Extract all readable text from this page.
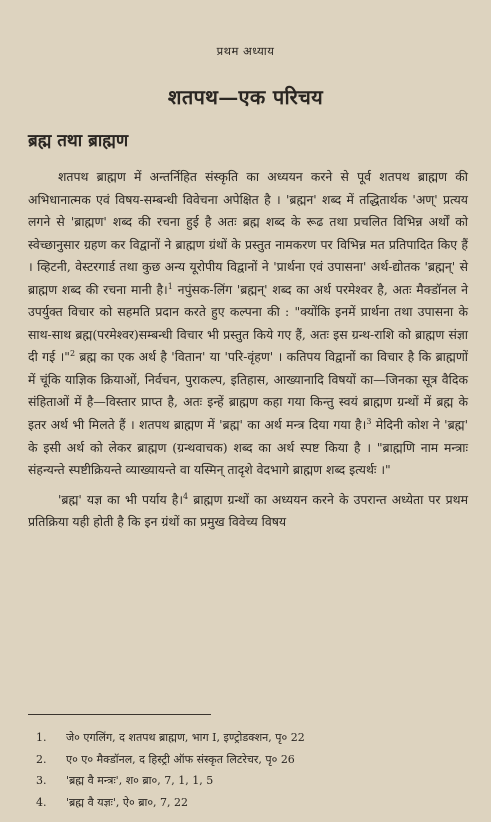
प्रथम अध्याय
शतपथ—एक परिचय
ब्रह्म तथा ब्राह्मण

शतपथ ब्राह्मण में अन्तर्निहित संस्कृति का अध्ययन करने से पूर्व शतपथ ब्राह्मण की अभिधानात्मक एवं विषय-सम्बन्धी विवेचना अपेक्षित है । 'ब्रह्मन' शब्द में तद्धितार्थक 'अण्' प्रत्यय लगने से 'ब्राह्मण' शब्द की रचना हुई है अतः ब्रह्म शब्द के रूढ तथा प्रचलित विभिन्न अर्थों को स्वेच्छानुसार ग्रहण कर विद्वानों ने ब्राह्मण ग्रंथों के प्रस्तुत नामकरण पर विभिन्न मत प्रतिपादित किए हैं । व्हिटनी, वेस्टरगार्ड तथा कुछ अन्य यूरोपीय विद्वानों ने 'प्रार्थना एवं उपासना' अर्थ-द्योतक 'ब्रह्मन्' से ब्राह्मण शब्द की रचना मानी है।$^1$ नपुंसक-लिंग 'ब्रह्मन्' शब्द का अर्थ परमेश्वर है, अतः मैक्डॉनल ने उपर्युक्त विचार को सहमति प्रदान करते हुए कल्पना की : "क्योंकि इनमें प्रार्थना तथा उपासना के साथ-साथ ब्रह्म(परमेश्वर)सम्बन्धी विचार भी प्रस्तुत किये गए हैं, अतः इस ग्रन्थ-राशि को ब्राह्मण संज्ञा दी गई ।"$^2$ ब्रह्म का एक अर्थ है 'वितान' या 'परि-वृंहण' । कतिपय विद्वानों का विचार है कि ब्राह्मणों में चूंकि याज्ञिक क्रियाओं, निर्वचन, पुराकल्प, इतिहास, आख्यानादि विषयों का—जिनका सूत्र वैदिक संहिताओं में है—विस्तार प्राप्त है, अतः इन्हें ब्राह्मण कहा गया किन्तु स्वयं ब्राह्मण ग्रन्थों में ब्रह्म के इतर अर्थ भी मिलते हैं । शतपथ ब्राह्मण में 'ब्रह्म' का अर्थ मन्त्र दिया गया है।$^3$ मेदिनी कोश ने 'ब्रह्म' के इसी अर्थ को लेकर ब्राह्मण (ग्रन्थवाचक) शब्द का अर्थ स्पष्ट किया है । "ब्राह्मणि नाम मन्त्राः संहन्यन्ते स्पष्टीक्रियन्ते व्याख्यायन्ते वा यस्मिन् तादृशे वेदभागे ब्राह्मण शब्द इत्यर्थः ।"

'ब्रह्म' यज्ञ का भी पर्याय है।$^4$ ब्राह्मण ग्रन्थों का अध्ययन करने के उपरान्त अध्येता पर प्रथम प्रतिक्रिया यही होती है कि इन ग्रंथों का प्रमुख विवेच्य विषय

1.	जे० एगलिंग, द शतपथ ब्राह्मण, भाग I, इण्ट्रोडक्शन, पृ० 22
2.	ए० ए० मैक्डॉनल, द हिस्ट्री ऑफ संस्कृत लिटरेचर, पृ० 26
3.	'ब्रह्म वै मन्त्रः', श० ब्रा०, 7, 1, 1, 5
4.	'ब्रह्म वै यज्ञः', ऐ० ब्रा०, 7, 22
